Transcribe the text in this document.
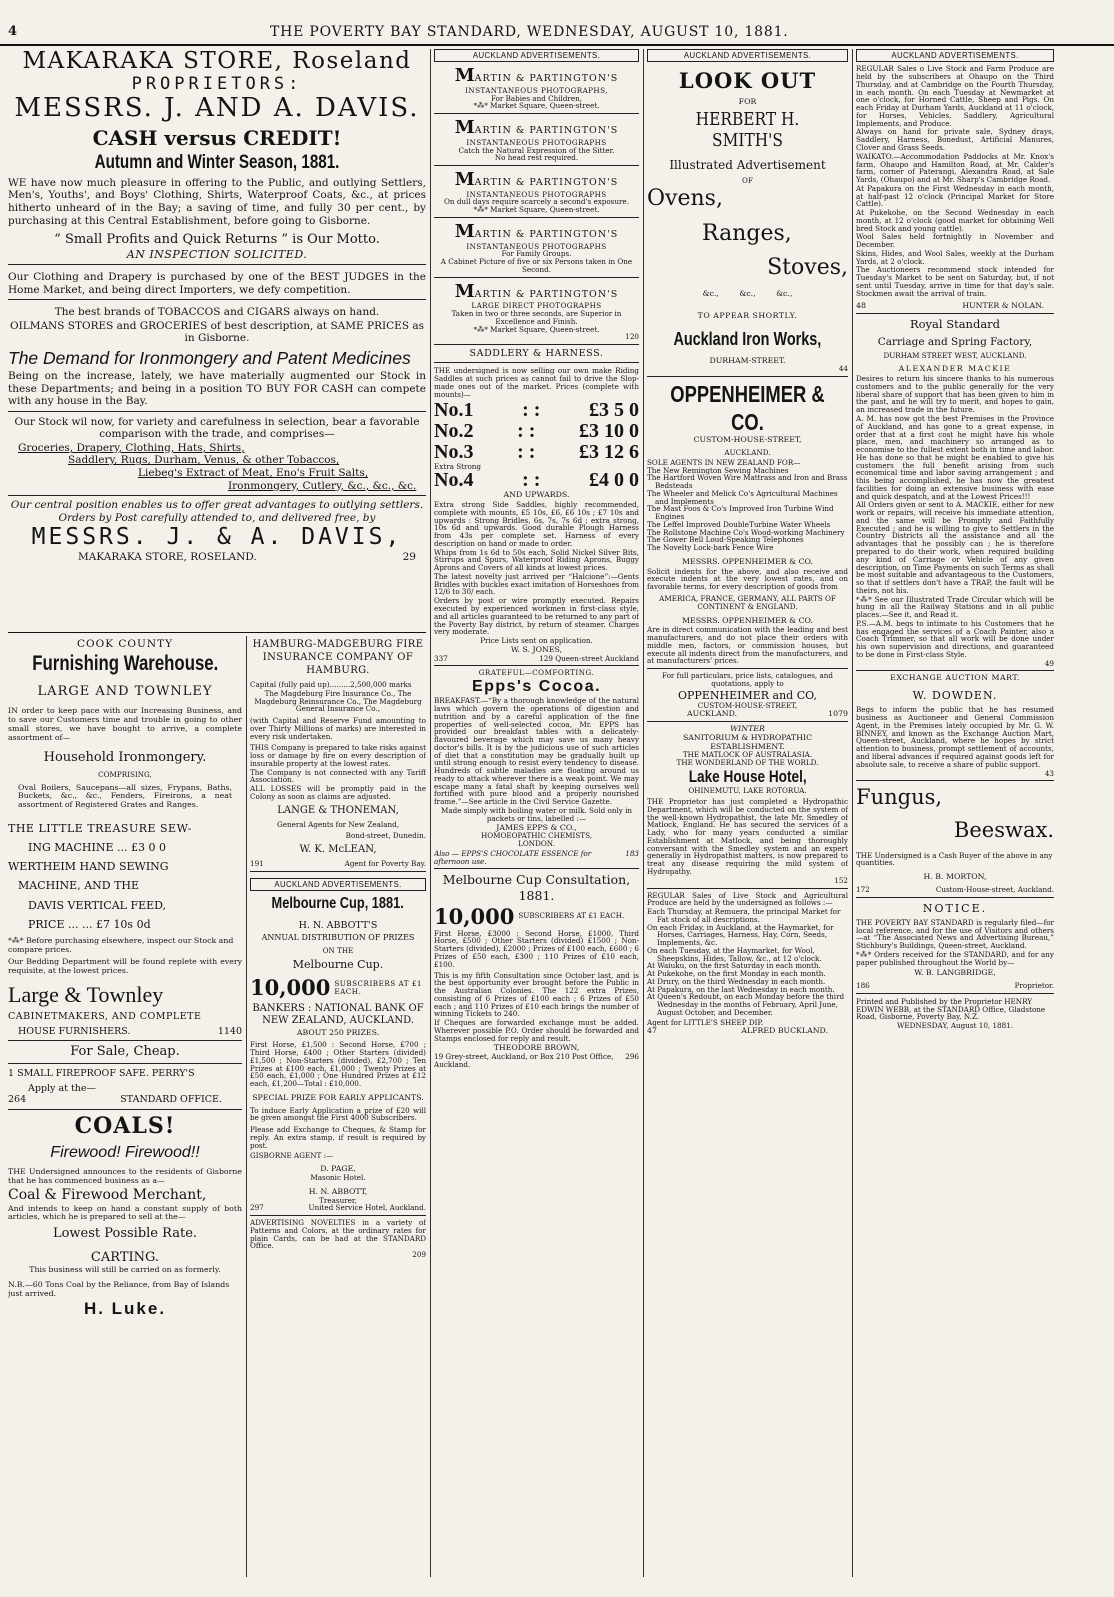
4	THE POVERTY BAY STANDARD, WEDNESDAY, AUGUST 10, 1881.
MAKARAKA STORE, Roseland
PROPRIETORS:
MESSRS. J. AND A. DAVIS.
CASH versus CREDIT!
Autumn and Winter Season, 1881.

WE have now much pleasure in offering to the Public, and outlying Settlers, Men's, Youths', and Boys' Clothing, Shirts, Waterproof Coats, &c., at prices hitherto unheard of in the Bay; a saving of time, and fully 30 per cent., by purchasing at this Central Establishment, before going to Gisborne.

“ Small Profits and Quick Returns ” is Our Motto.
AN INSPECTION SOLICITED.

Our Clothing and Drapery is purchased by one of the BEST JUDGES in the Home Market, and being direct Importers, we defy competition.

The best brands of TOBACCOS and CIGARS always on hand.

OILMANS STORES and GROCERIES of best description, at SAME PRICES as in Gisborne.

The Demand for Ironmongery and Patent Medicines

Being on the increase, lately, we have materially augmented our Stock in these Departments; and being in a position TO BUY FOR CASH can compete with any house in the Bay.

Our Stock wil now, for variety and carefulness in selection, bear a favorable comparison with the trade, and comprises—

Groceries, Drapery, Clothing, Hats, Shirts,
Saddlery, Rugs, Durham, Venus, & other Tobaccos,
Liebeg's Extract of Meat, Eno's Fruit Salts,
Ironmongery, Cutlery, &c., &c., &c.

Our central position enables us to offer great advantages to outlying settlers. Orders by Post carefully attended to, and delivered free, by

MESSRS. J. & A. DAVIS,
MAKARAKA STORE, ROSELAND.	29
COOK COUNTY
Furnishing Warehouse.
LARGE AND TOWNLEY

IN order to keep pace with our Increasing Business, and to save our Customers time and trouble in going to other small stores, we have bought to arrive, a complete assortment of—

Household Ironmongery.
COMPRISING,

Oval Boilers, Saucepans—all sizes, Frypans, Baths, Buckets, &c., &c., Fenders, Fireirons, a neat assortment of Registered Grates and Ranges.

THE LITTLE TREASURE SEW-
ING MACHINE ... £3 0 0
WERTHEIM HAND SEWING
MACHINE, AND THE
DAVIS VERTICAL FEED,
PRICE ... ... £7 10s 0d

*⁂* Before purchasing elsewhere, inspect our Stock and compare prices.

Our Bedding Department will be found replete with every requisite, at the lowest prices.

Large & Townley
CABINETMAKERS, AND COMPLETE
HOUSE FURNISHERS.	1140
For Sale, Cheap.
1 SMALL FIREPROOF SAFE. PERRY'S
Apply at the—
264	STANDARD OFFICE.
COALS!
Firewood! Firewood!!

THE Undersigned announces to the residents of Gisborne that he has commenced business as a—

Coal & Firewood Merchant,

And intends to keep on hand a constant supply of both articles, which he is prepared to sell at the—

Lowest Possible Rate.
CARTING.

This business will still be carried on as formerly.

N.B.—60 Tons Coal by the Reliance, from Bay of Islands just arrived.

H. Luke.
HAMBURG-MADGEBURG FIRE INSURANCE COMPANY OF HAMBURG.

Capital (fully paid up).........2,500,000 marks

The Magdeburg Fire Insurance Co., The Magdeburg Reinsurance Co., The Magdeburg General Insurance Co.,

(with Capital and Reserve Fund amounting to over Thirty Millions of marks) are interested in every risk undertaken.

THIS Company is prepared to take risks against loss or damage by fire on every description of insurable property at the lowest rates.

The Company is not connected with any Tariff Association.

ALL LOSSES will be promptly paid in the Colony as soon as claims are adjusted.

LANGE & THONEMAN,
General Agents for New Zealand,
Bond-street, Dunedin.
W. K. McLEAN,
191	Agent for Poverty Bay.
AUCKLAND ADVERTISEMENTS.
Melbourne Cup, 1881.
H. N. ABBOTT'S
ANNUAL DISTRIBUTION OF PRIZES
ON THE
Melbourne Cup.
10,000 SUBSCRIBERS AT £1 EACH.
BANKERS : NATIONAL BANK OF NEW ZEALAND, AUCKLAND.
ABOUT 250 PRIZES.

First Horse, £1,500 : Second Horse, £700 ; Third Horse, £400 ; Other Starters (divided) £1,500 ; Non-Starters (divided), £2,700 ; Ten Prizes at £100 each, £1,000 ; Twenty Prizes at £50 each, £1,000 ; One Hundred Prizes at £12 each, £1,200—Total : £10,000.

SPECIAL PRIZE FOR EARLY APPLICANTS.

To induce Early Application a prize of £20 will be given amongst the First 4000 Subscribers.

Please add Exchange to Cheques, & Stamp for reply. An extra stamp, if result is required by post.

GISBORNE AGENT :—
D. PAGE,
Masonic Hotel.
H. N. ABBOTT,
Treasurer,
297	United Service Hotel, Auckland.

ADVERTISING NOVELTIES in a variety of Patterns and Colors, at the ordinary rates for plain Cards, can be had at the STANDARD Office.

209
AUCKLAND ADVERTISEMENTS.
MARTIN & PARTINGTON'S
INSTANTANEOUS PHOTOGRAPHS,
For Babies and Children,
*⁂* Market Square, Queen-street.
MARTIN & PARTINGTON'S
INSTANTANEOUS PHOTOGRAPHS
Catch the Natural Expression of the Sitter.
No head rest required.
MARTIN & PARTINGTON'S
INSTANTANEOUS PHOTOGRAPHS
On dull days require scarcely a second's exposure.
*⁂* Market Square, Queen-street.
MARTIN & PARTINGTON'S
INSTANTANEOUS PHOTOGRAPHS
For Family Groups.
A Cabinet Picture of five or six Persons taken in One Second.
MARTIN & PARTINGTON'S
LARGE DIRECT PHOTOGRAPHS
Taken in two or three seconds, are Superior in Excellence and Finish.
*⁂* Market Square, Queen-street.
120
SADDLERY & HARNESS.

THE undersigned is now selling our own make Riding Saddles at such prices as cannot fail to drive the Slop-made ones out of the market. Prices (complete with mounts)—

No.1 : : £3 5 0
No.2 : : £3 10 0
No.3 : : £3 12 6
Extra Strong
No.4 : : £4 0 0
AND UPWARDS.

Extra strong Side Saddles, highly recommended, complete with mounts, £5 10s, £6, £6 10s ; £7 10s and upwards : Strong Bridles, 6s, 7s, 7s 6d ; extra strong, 10s 6d and upwards. Good durable Plough Harness from 43s per complete set. Harness of every description on hand or made to order.

Whips from 1s 6d to 50s each, Solid Nickel Silver Bits, Stirrups and Spurs, Waterproof Riding Aprons, Buggy Aprons and Covers of all kinds at lowest prices.

The latest novelty just arrived per “Halcione”:—Gents Bridles with buckles exact imitation of Horseshoes from 12/6 to 30/ each.

Orders by post or wire promptly executed. Repairs executed by experienced workmen in first-class style, and all articles guaranteed to be returned to any part of the Poverty Bay district, by return of steamer. Charges very moderate.

Price Lists sent on application.

W. S. JONES,
337	129 Queen-street Auckland
GRATEFUL—COMFORTING.
Epps's Cocoa.

BREAKFAST.—“By a thorough knowledge of the natural laws which govern the operations of digestion and nutrition and by a careful application of the fine properties of well-selected cocoa, Mr. EPPS has provided our breakfast tables with a delicately-flavoured beverage which may save us many heavy doctor's bills. It is by the judicious use of such articles of diet that a constitution may be gradually built up until strong enough to resist every tendency to disease. Hundreds of subtle maladies are floating around us ready to attack wherever there is a weak point. We may escape many a fatal shaft by keeping ourselves well fortified with pure blood and a properly nourished frame.”—See article in the Civil Service Gazette.

Made simply with boiling water or milk. Sold only in packets or tins, labelled :—

JAMES EPPS & CO.,
HOMOEOPATHIC CHEMISTS,
LONDON.
Also — EPPS'S CHOCOLATE ESSENCE for afternoon use.
183
Melbourne Cup Consultation, 1881.
10,000 SUBSCRIBERS AT £1 EACH.

First Horse, £3000 ; Second Horse, £1000, Third Horse, £500 ; Other Starters (divided) £1500 ; Non-Starters (divided), £2000 ; Prizes of £100 each, £600 ; 6 Prizes of £50 each, £300 ; 110 Prizes of £10 each, £100.

This is my fifth Consultation since October last, and is the best opportunity ever brought before the Public in the Australian Colonies. The 122 extra Prizes, consisting of 6 Prizes of £100 each ; 6 Prizes of £50 each ; and 110 Prizes of £10 each brings the number of winning Tickets to 240.

If Cheques are forwarded exchange must be added. Wherever possible P.O. Order should be forwarded and Stamps enclosed for reply and result.

THEODORE BROWN,
19 Grey-street, Auckland, or Box 210 Post Office, Auckland.
296
AUCKLAND ADVERTISEMENTS.
LOOK OUT
FOR
HERBERT H. SMITH'S
Illustrated Advertisement
OF
Ovens,
Ranges,
Stoves,
&c., &c., &c.,
TO APPEAR SHORTLY.
Auckland Iron Works,
DURHAM-STREET.
44
OPPENHEIMER & CO.
CUSTOM-HOUSE-STREET,
AUCKLAND.
SOLE AGENTS IN NEW ZEALAND FOR—
The New Remington Sewing Machines
The Hartford Woven Wire Mattrass and Iron and Brass Bedsteads
The Wheeler and Melick Co's Agricultural Machines and Implements
The Mast Foos & Co's Improved Iron Turbine Wind Engines
The Leffel Improved DoubleTurbine Water Wheels
The Rollstone Machine Co's Wood-working Machinery
The Gower Bell Loud-Speaking Telephones
The Novelty Lock-bark Fence Wire
MESSRS. OPPENHEIMER & CO.

Solicit indents for the above, and also receive and execute indents at the very lowest rates, and on favorable terms, for every description of goods from

AMERICA, FRANCE, GERMANY, ALL PARTS OF CONTINENT & ENGLAND.

MESSRS. OPPENHEIMER & CO.

Are in direct communication with the leading and best manufacturers, and do not place their orders with middle men, factors, or commission houses, but execute all indents direct from the manufacturers, and at manufacturers' prices.

For full particulars, price lists, catalogues, and quotations, apply to

OPPENHEIMER and CO,
CUSTOM-HOUSE-STREET,
AUCKLAND.	1079
WINTER
SANITORIUM & HYDROPATHIC
ESTABLISHMENT.
THE MATLOCK OF AUSTRALASIA.
THE WONDERLAND OF THE WORLD.
Lake House Hotel,
OHINEMUTU, LAKE ROTORUA.

THE Proprietor has just completed a Hydropathic Department, which will be conducted on the system of the well-known Hydropathist, the late Mr. Smedley of Matlock, England. He has secured the services of a Lady, who for many years conducted a similar Establishment at Matlock, and being thoroughly conversant with the Smedley system and an expert generally in Hydropathist matters, is now prepared to treat any disease requiring the mild system of Hydropathy.

152

REGULAR Sales of Live Stock and Agricultural Produce are held by the undersigned as follows :—

Each Thursday, at Remuera, the principal Market for Fat stock of all descriptions.
On each Friday, in Auckland, at the Haymarket, for Horses, Carriages, Harness, Hay, Corn, Seeds, Implements, &c.
On each Tuesday, at the Haymarket, for Wool, Sheepskins, Hides, Tallow, &c., at 12 o'clock.
At Waiuku, on the first Saturday in each month.
At Pukekohe, on the first Monday in each month.
At Drury, on the third Wednesday in each month.
At Papakura, on the last Wednesday in each month.
At Queen's Redoubt, on each Monday before the third Wednesday in the months of February, April June, August October, and December.
Agent for LITTLE'S SHEEP DIP.
47	ALFRED BUCKLAND.
AUCKLAND ADVERTISEMENTS.

REGULAR Sales o Live Stock and Farm Produce are held by the subscribers at Ohaupo on the Third Thursday, and at Cambridge on the Fourth Thursday, in each month. On each Tuesday at Newmarket at one o'clock, for Horned Cattle, Sheep and Pigs. On each Friday at Durham Yards, Auckland at 11 o'clock, for Horses, Vehicles, Saddlery, Agricultural Implements, and Produce.

Always on hand for private sale, Sydney drays, Saddlery, Harness, Bonedust, Artificial Manures, Clover and Grass Seeds.

WAIKATO.—Accommodation Paddocks at Mr. Knox's farm, Ohaupo and Hamilton Road, at Mr. Calder's farm, corner of Paterangi, Alexandra Road, at Sale Yards, (Ohaupo) and at Mr. Sharp's Cambridge Road.

At Papakura on the First Wednesday in each month, at half-past 12 o'clock (Principal Market for Store Cattle).

At Pukekohe, on the Second Wednesday in each month, at 12 o'clock (good market for obtaining Well bred Stock and young cattle).

Wool Sales held fortnightly in November and December.

Skins, Hides, and Wool Sales, weekly at the Durham Yards, at 2 o'clock.

The Auctioneers recommend stock intended for Tuesday's Market to be sent on Saturday, but, if not sent until Tuesday, arrive in time for that day's sale. Stockmen await the arrival of train.

48	HUNTER & NOLAN.
Royal Standard
Carriage and Spring Factory,
DURHAM STREET WEST, AUCKLAND.
ALEXANDER MACKIE

Desires to return his sincere thanks to his numerous customers and to the public generally for the very liberal share of support that has been given to him in the past, and he will try to merit, and hopes to gain, an increased trade in the future.

A. M. has now got the best Premises in the Province of Auckland, and has gone to a great expense, in order that at a first cost he might have his whole place, men, and machinery so arranged as to economise to the fullest extent both in time and labor. He has done so that he might be enabled to give his customers the full benefit arising from such economical time and labor saving arrangement ; and this being accomplished, he has now the greatest facilities for doing an extensive business with ease and quick despatch, and at the Lowest Prices!!!

All Orders given or sent to A. MACKIE, either for new work or repairs, will receive his immediate attention, and the same will be Promptly and Faithfully Executed ; and he is willing to give to Settlers in the Country Districts all the assistance and all the advantages that he possibly can ; he is therefore prepared to do their work, when required building any kind of Carriage or Vehicle of any given description, on Time Payments on such Terms as shall be most suitable and advantageous to the Customers, so that if settlers don't have a TRAP, the fault will be theirs, not his.

*⁂* See our Illustrated Trade Circular which will be hung in all the Railway Stations and in all public places.—See it, and Read it.

P.S.—A.M. begs to intimate to his Customers that he has engaged the services of a Coach Painter, also a Coach Trimmer, so that all work will be done under his own supervision and directions, and guaranteed to be done in First-class Style.

49
EXCHANGE AUCTION MART.
W. DOWDEN.

Begs to inform the public that he has resumed business as Auctioneer and General Commission Agent, in the Premises lately occupied by Mr. G. W. BINNEY, and known as the Exchange Auction Mart, Queen-street, Auckland, where he hopes by strict attention to business, prompt settlement of accounts, and liberal advances if required against goods left for absolute sale, to receive a share of public support.

43
Fungus,
Beeswax.

THE Undersigned is a Cash Buyer of the above in any quantities.

H. B. MORTON,
172	Custom-House-street, Auckland.
NOTICE.

THE POVERTY BAY STANDARD is regularly filed—for local reference, and for the use of Visitors and others—at “The Associated News and Advertising Bureau,” Stichbury's Buildings, Queen-street, Auckland.

*⁂* Orders received for the STANDARD, and for any paper published throughout the World by—

W. B. LANGBRIDGE,
186	Proprietor.

Printed and Published by the Proprietor HENRY EDWIN WEBB, at the STANDARD Office, Gladstone Road, Gisborne, Poverty Bay, N.Z.

WEDNESDAY, August 10, 1881.
